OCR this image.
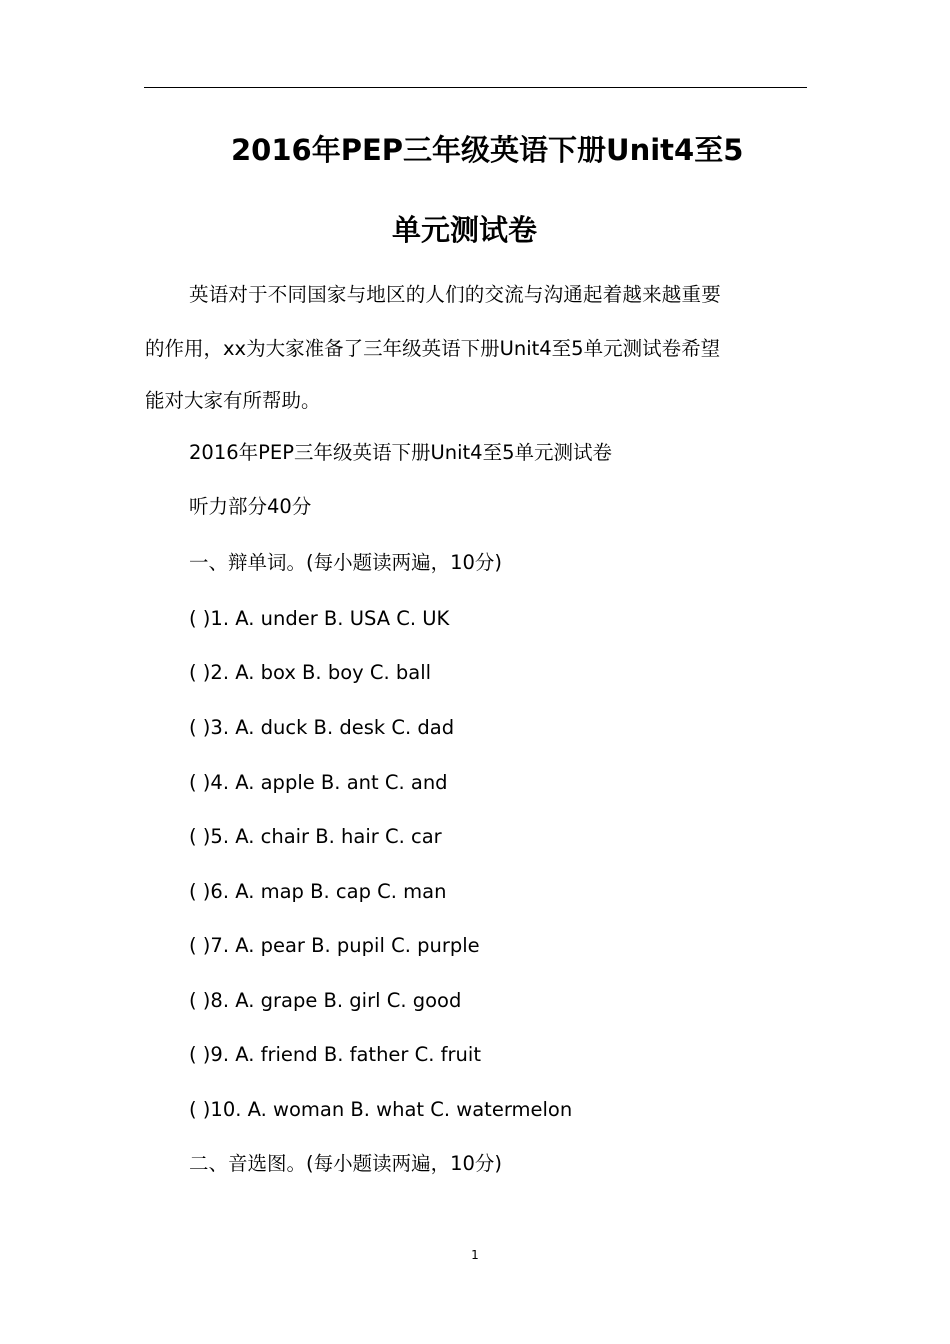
2016年PEP三年级英语下册Unit4至5
单元测试卷
英语对于不同国家与地区的人们的交流与沟通起着越来越重要
的作用，xx为大家准备了三年级英语下册Unit4至5单元测试卷希望
能对大家有所帮助。
2016年PEP三年级英语下册Unit4至5单元测试卷
听力部分40分
一、辩单词。(每小题读两遍，10分)
( )1. A. under B. USA C. UK
( )2. A. box B. boy C. ball
( )3. A. duck B. desk C. dad
( )4. A. apple B. ant C. and
( )5. A. chair B. hair C. car
( )6. A. map B. cap C. man
( )7. A. pear B. pupil C. purple
( )8. A. grape B. girl C. good
( )9. A. friend B. father C. fruit
( )10. A. woman B. what C. watermelon
二、音选图。(每小题读两遍，10分)
1
